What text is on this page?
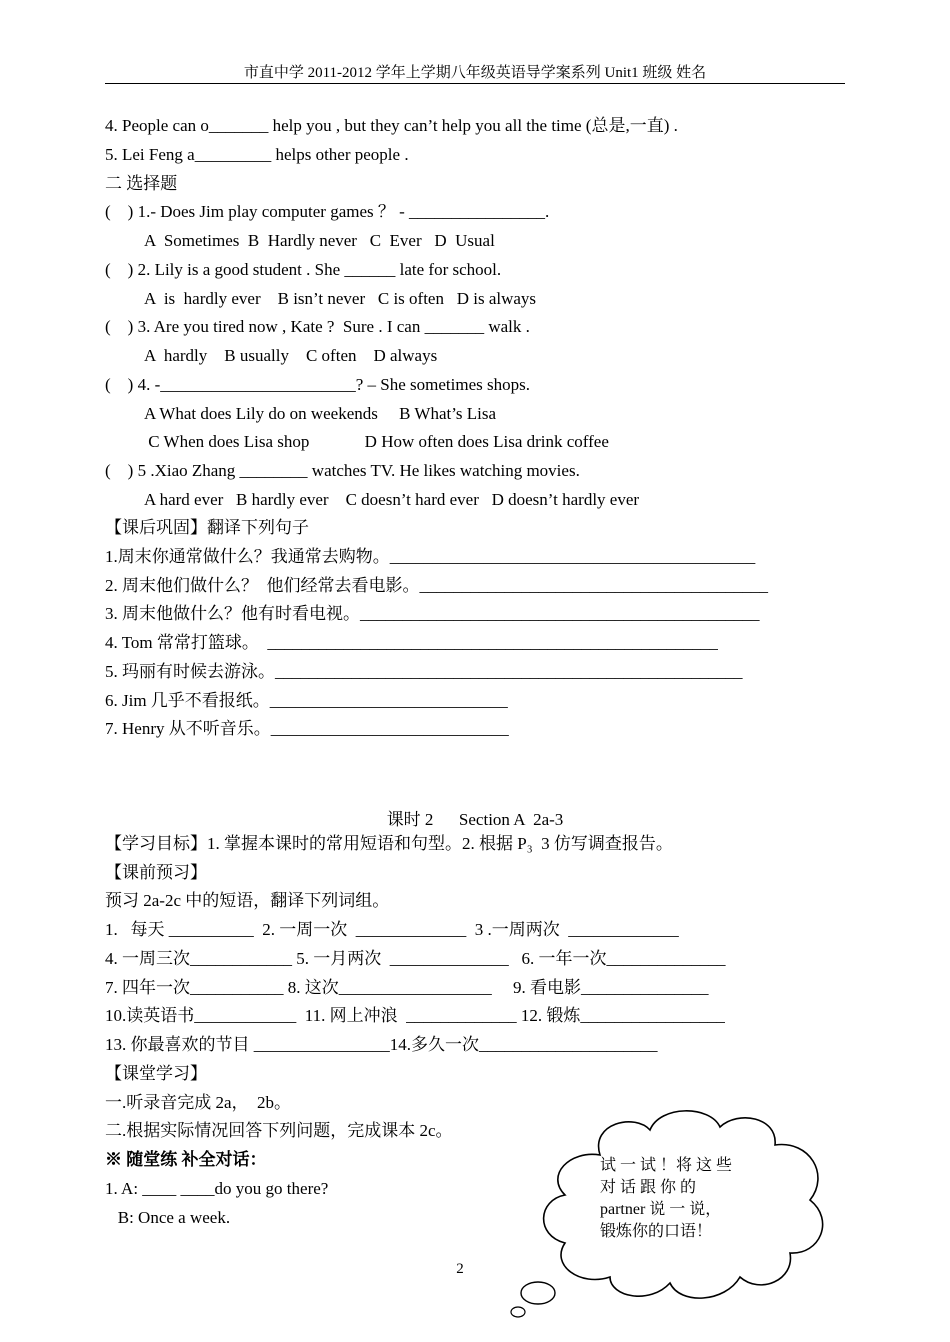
市直中学 2011-2012 学年上学期八年级英语导学案系列 Unit1 班级 姓名
4. People can o_______ help you , but they can’t help you all the time (总是,一直) .
5. Lei Feng a_________ helps other people .
二 选择题
(    ) 1.- Does Jim play computer games ？ - ________________.
A  Sometimes  B  Hardly never   C  Ever   D  Usual
(    ) 2. Lily is a good student . She ______ late for school.
A  is  hardly ever    B isn’t never   C is often   D is always
(    ) 3. Are you tired now , Kate ?  Sure . I can _______ walk .
A  hardly    B usually    C often    D always
(    ) 4. -_______________________? – She sometimes shops.
A What does Lily do on weekends     B What’s Lisa
C When does Lisa shop             D How often does Lisa drink coffee
(    ) 5 .Xiao Zhang ________ watches TV. He likes watching movies.
A hard ever   B hardly ever    C doesn’t hard ever   D doesn’t hardly ever
【课后巩固】翻译下列句子
1.周末你通常做什么？我通常去购物。___________________________________________
2. 周末他们做什么？  他们经常去看电影。_________________________________________
3. 周末他做什么？他有时看电视。_______________________________________________
4. Tom 常常打篮球。  _____________________________________________________
5. 玛丽有时候去游泳。_______________________________________________________
6. Jim 几乎不看报纸。____________________________
7. Henry 从不听音乐。____________________________
课时 2      Section A  2a-3
【学习目标】1. 掌握本课时的常用短语和句型。2. 根据 P₃  3 仿写调查报告。
【课前预习】
预习 2a-2c 中的短语，翻译下列词组。
1.   每天 __________  2. 一周一次  _____________  3 .一周两次  _____________
4. 一周三次____________ 5. 一月两次  ______________   6. 一年一次______________
7. 四年一次___________ 8. 这次__________________     9. 看电影_______________
10.读英语书____________  11. 网上冲浪  _____________ 12. 锻炼_________________
13. 你最喜欢的节目 ________________14.多久一次_____________________
【课堂学习】
一.听录音完成 2a，  2b。
二.根据实际情况回答下列问题，完成课本 2c。
※ 随堂练 补全对话：
1. A: ____ ____do you go there?
B: Once a week.
2
试 一 试 ！将 这 些
对 话 跟 你 的
partner 说 一 说，
锻炼你的口语！
